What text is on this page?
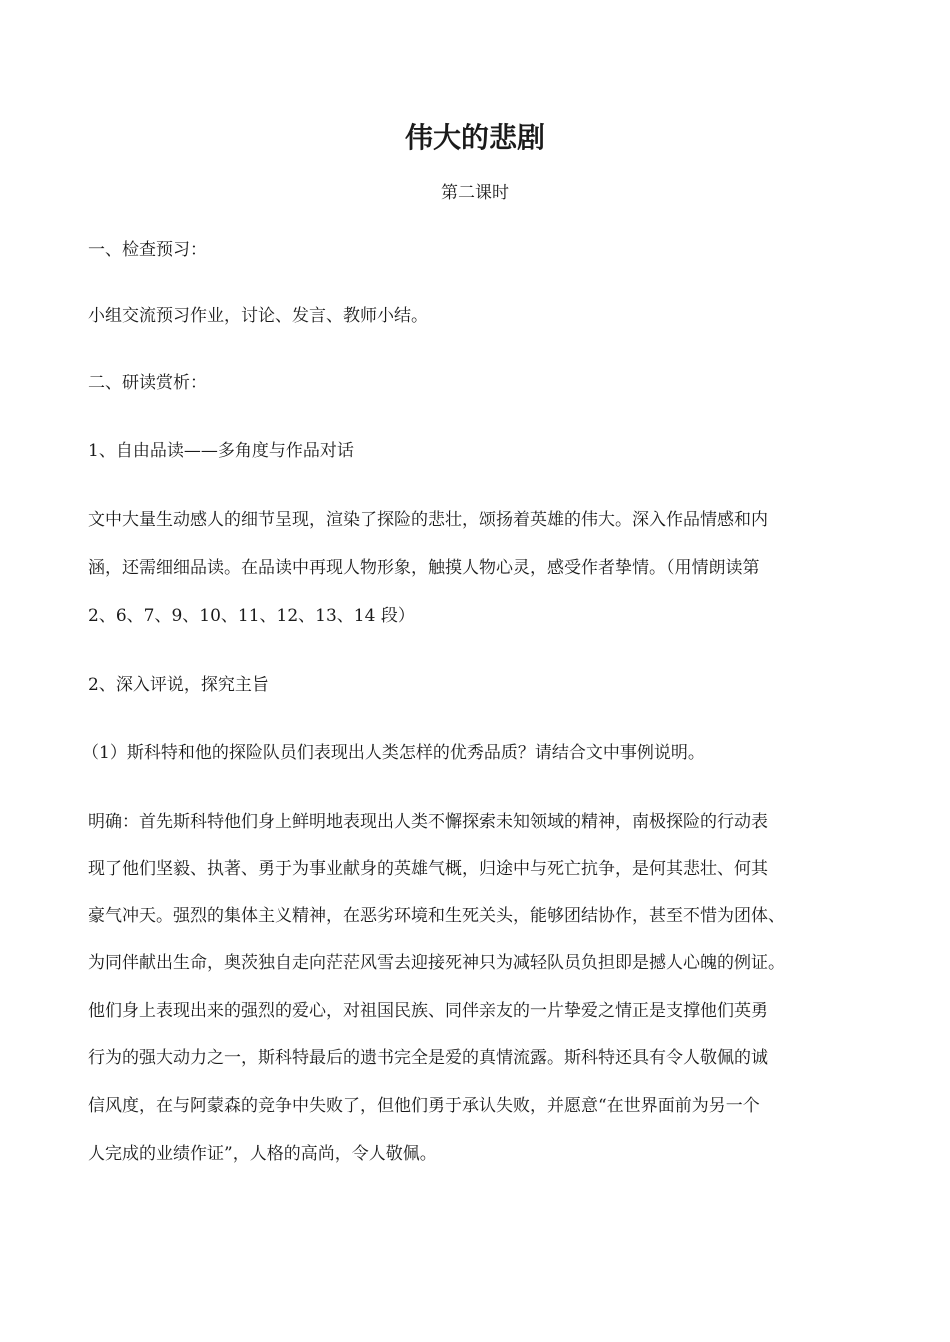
伟大的悲剧
第二课时
一、检查预习：
小组交流预习作业，讨论、发言、教师小结。
二、研读赏析：
1、自由品读——多角度与作品对话
文中大量生动感人的细节呈现，渲染了探险的悲壮，颂扬着英雄的伟大。深入作品情感和内
涵，还需细细品读。在品读中再现人物形象，触摸人物心灵，感受作者挚情。（用情朗读第
2、6、7、9、10、11、12、13、14 段）
2、深入评说，探究主旨
（1）斯科特和他的探险队员们表现出人类怎样的优秀品质？请结合文中事例说明。
明确：首先斯科特他们身上鲜明地表现出人类不懈探索未知领域的精神，南极探险的行动表
现了他们坚毅、执著、勇于为事业献身的英雄气概，归途中与死亡抗争，是何其悲壮、何其
豪气冲天。强烈的集体主义精神，在恶劣环境和生死关头，能够团结协作，甚至不惜为团体、
为同伴献出生命，奥茨独自走向茫茫风雪去迎接死神只为减轻队员负担即是撼人心魄的例证。
他们身上表现出来的强烈的爱心，对祖国民族、同伴亲友的一片挚爱之情正是支撑他们英勇
行为的强大动力之一，斯科特最后的遗书完全是爱的真情流露。斯科特还具有令人敬佩的诚
信风度，在与阿蒙森的竞争中失败了，但他们勇于承认失败，并愿意“在世界面前为另一个
人完成的业绩作证”，人格的高尚，令人敬佩。
